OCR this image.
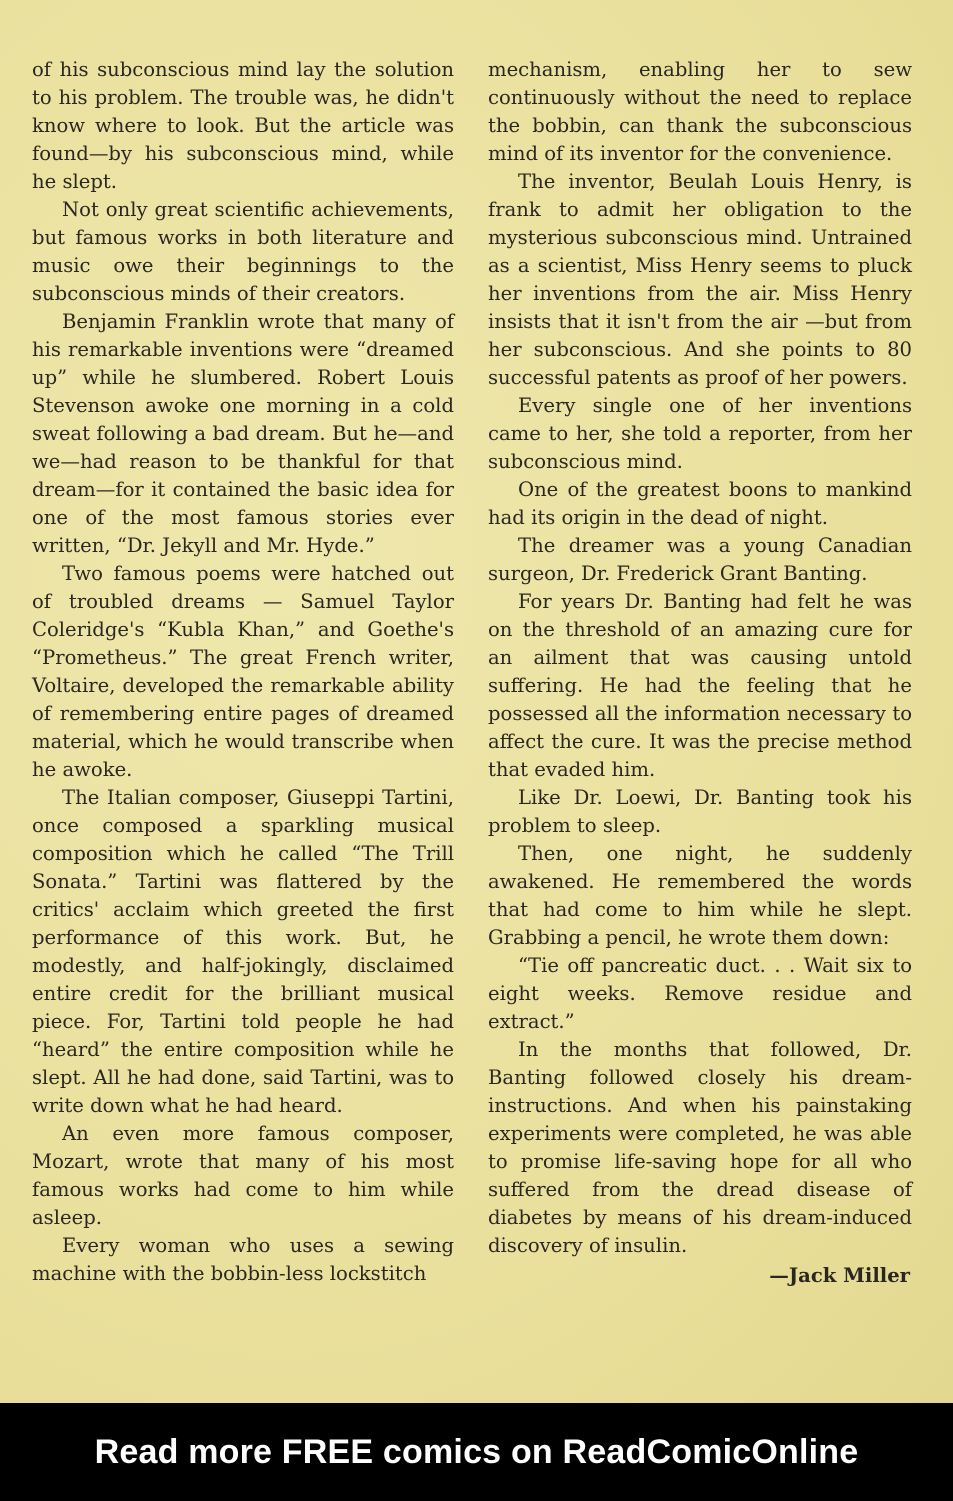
of his subconscious mind lay the solution to his problem. The trouble was, he didn't know where to look. But the article was found—by his subconscious mind, while he slept.

Not only great scientific achievements, but famous works in both literature and music owe their beginnings to the subconscious minds of their creators.

Benjamin Franklin wrote that many of his remarkable inventions were “dreamed up” while he slumbered. Robert Louis Stevenson awoke one morning in a cold sweat following a bad dream. But he—and we—had reason to be thankful for that dream—for it contained the basic idea for one of the most famous stories ever written, “Dr. Jekyll and Mr. Hyde.”

Two famous poems were hatched out of troubled dreams — Samuel Taylor Coleridge's “Kubla Khan,” and Goethe's “Prometheus.” The great French writer, Voltaire, developed the remarkable ability of remembering entire pages of dreamed material, which he would transcribe when he awoke.

The Italian composer, Giuseppi Tartini, once composed a sparkling musical composition which he called “The Trill Sonata.” Tartini was flattered by the critics' acclaim which greeted the first performance of this work. But, he modestly, and half-jokingly, disclaimed entire credit for the brilliant musical piece. For, Tartini told people he had “heard” the entire composition while he slept. All he had done, said Tartini, was to write down what he had heard.

An even more famous composer, Mozart, wrote that many of his most famous works had come to him while asleep.

Every woman who uses a sewing machine with the bobbin-less lockstitch

mechanism, enabling her to sew continuously without the need to replace the bobbin, can thank the subconscious mind of its inventor for the convenience.

The inventor, Beulah Louis Henry, is frank to admit her obligation to the mysterious subconscious mind. Untrained as a scientist, Miss Henry seems to pluck her inventions from the air. Miss Henry insists that it isn't from the air —but from her subconscious. And she points to 80 successful patents as proof of her powers.

Every single one of her inventions came to her, she told a reporter, from her subconscious mind.

One of the greatest boons to mankind had its origin in the dead of night.

The dreamer was a young Canadian surgeon, Dr. Frederick Grant Banting.

For years Dr. Banting had felt he was on the threshold of an amazing cure for an ailment that was causing untold suffering. He had the feeling that he possessed all the information necessary to affect the cure. It was the precise method that evaded him.

Like Dr. Loewi, Dr. Banting took his problem to sleep.

Then, one night, he suddenly awakened. He remembered the words that had come to him while he slept. Grabbing a pencil, he wrote them down:

“Tie off pancreatic duct. . . Wait six to eight weeks. Remove residue and extract.”

In the months that followed, Dr. Banting followed closely his dream-instructions. And when his painstaking experiments were completed, he was able to promise life-saving hope for all who suffered from the dread disease of diabetes by means of his dream-induced discovery of insulin.

—Jack Miller
Read more FREE comics on ReadComicOnline
